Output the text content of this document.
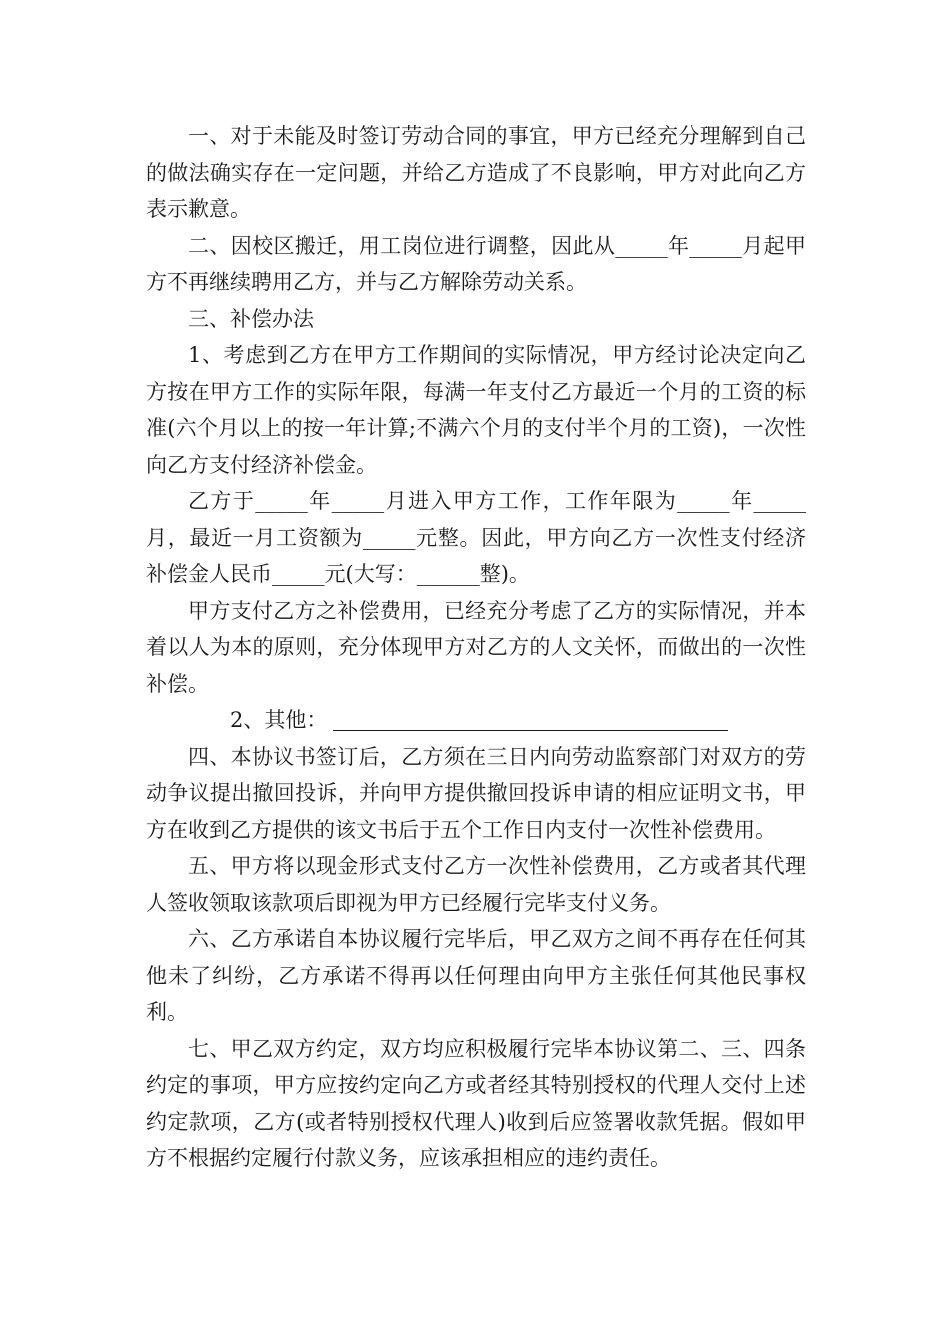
一、对于未能及时签订劳动合同的事宜，甲方已经充分理解到自己的做法确实存在一定问题，并给乙方造成了不良影响，甲方对此向乙方表示歉意。

二、因校区搬迁，用工岗位进行调整，因此从_____年_____月起甲方不再继续聘用乙方，并与乙方解除劳动关系。

三、补偿办法

1、考虑到乙方在甲方工作期间的实际情况，甲方经讨论决定向乙方按在甲方工作的实际年限，每满一年支付乙方最近一个月的工资的标准(六个月以上的按一年计算;不满六个月的支付半个月的工资)，一次性向乙方支付经济补偿金。

乙方于_____年_____月进入甲方工作，工作年限为_____年_____月，最近一月工资额为_____元整。因此，甲方向乙方一次性支付经济补偿金人民币_____元(大写：______整)。

甲方支付乙方之补偿费用，已经充分考虑了乙方的实际情况，并本着以人为本的原则，充分体现甲方对乙方的人文关怀，而做出的一次性补偿。

2、其他：

四、本协议书签订后，乙方须在三日内向劳动监察部门对双方的劳动争议提出撤回投诉，并向甲方提供撤回投诉申请的相应证明文书，甲方在收到乙方提供的该文书后于五个工作日内支付一次性补偿费用。

五、甲方将以现金形式支付乙方一次性补偿费用，乙方或者其代理人签收领取该款项后即视为甲方已经履行完毕支付义务。

六、乙方承诺自本协议履行完毕后，甲乙双方之间不再存在任何其他未了纠纷，乙方承诺不得再以任何理由向甲方主张任何其他民事权利。

七、甲乙双方约定，双方均应积极履行完毕本协议第二、三、四条约定的事项，甲方应按约定向乙方或者经其特别授权的代理人交付上述约定款项，乙方(或者特别授权代理人)收到后应签署收款凭据。假如甲方不根据约定履行付款义务，应该承担相应的违约责任。
